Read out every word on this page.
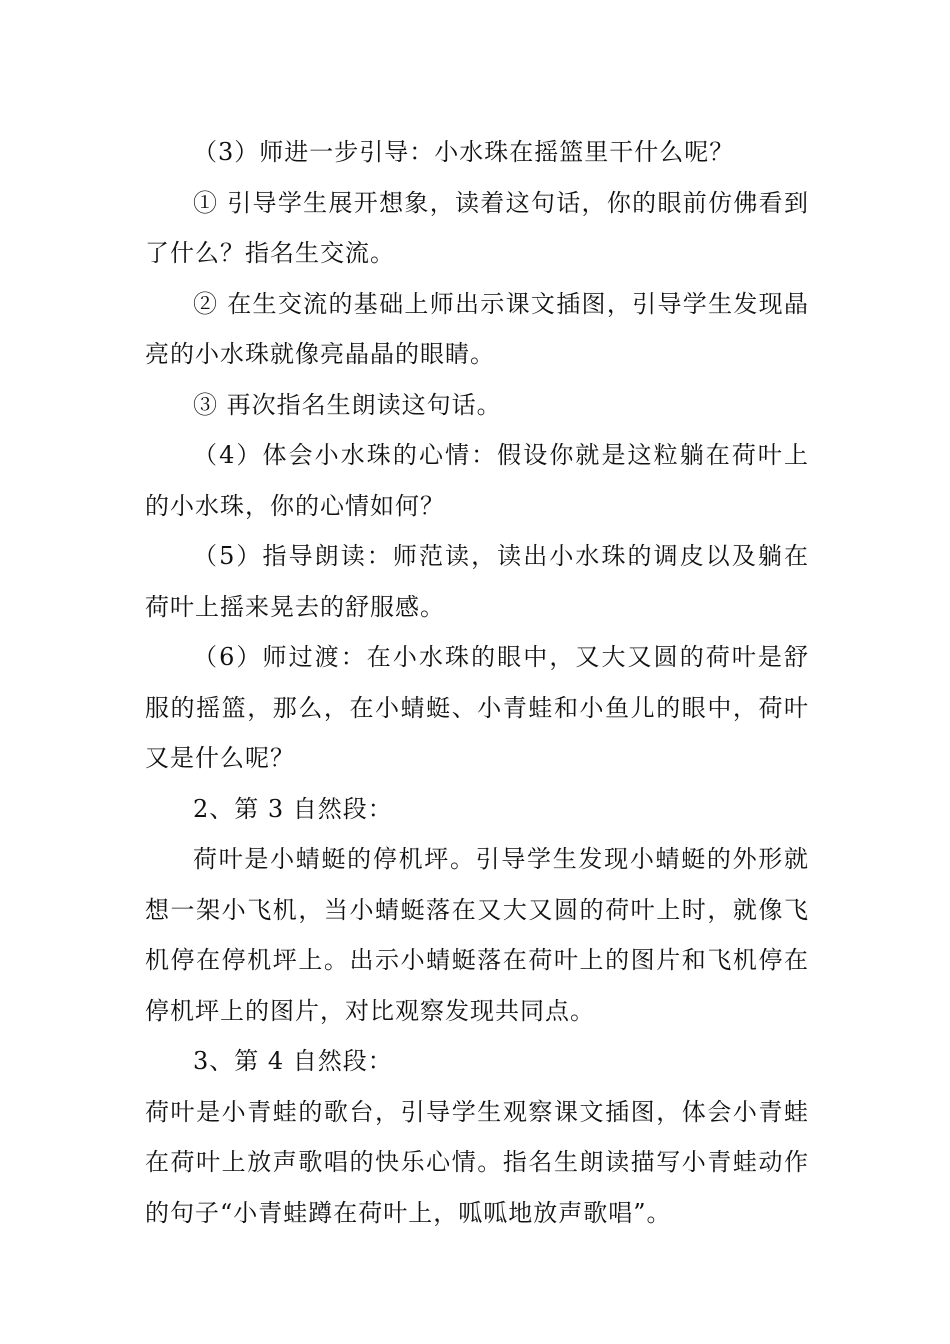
（3）师进一步引导：小水珠在摇篮里干什么呢？

① 引导学生展开想象，读着这句话，你的眼前仿佛看到了什么？指名生交流。

② 在生交流的基础上师出示课文插图，引导学生发现晶亮的小水珠就像亮晶晶的眼睛。

③ 再次指名生朗读这句话。

（4）体会小水珠的心情：假设你就是这粒躺在荷叶上的小水珠，你的心情如何？

（5）指导朗读：师范读，读出小水珠的调皮以及躺在荷叶上摇来晃去的舒服感。

（6）师过渡：在小水珠的眼中，又大又圆的荷叶是舒服的摇篮，那么，在小蜻蜓、小青蛙和小鱼儿的眼中，荷叶又是什么呢？

2、第 3 自然段：

荷叶是小蜻蜓的停机坪。引导学生发现小蜻蜓的外形就想一架小飞机，当小蜻蜓落在又大又圆的荷叶上时，就像飞机停在停机坪上。出示小蜻蜓落在荷叶上的图片和飞机停在停机坪上的图片，对比观察发现共同点。

3、第 4 自然段：

荷叶是小青蛙的歌台，引导学生观察课文插图，体会小青蛙在荷叶上放声歌唱的快乐心情。指名生朗读描写小青蛙动作的句子“小青蛙蹲在荷叶上，呱呱地放声歌唱”。
